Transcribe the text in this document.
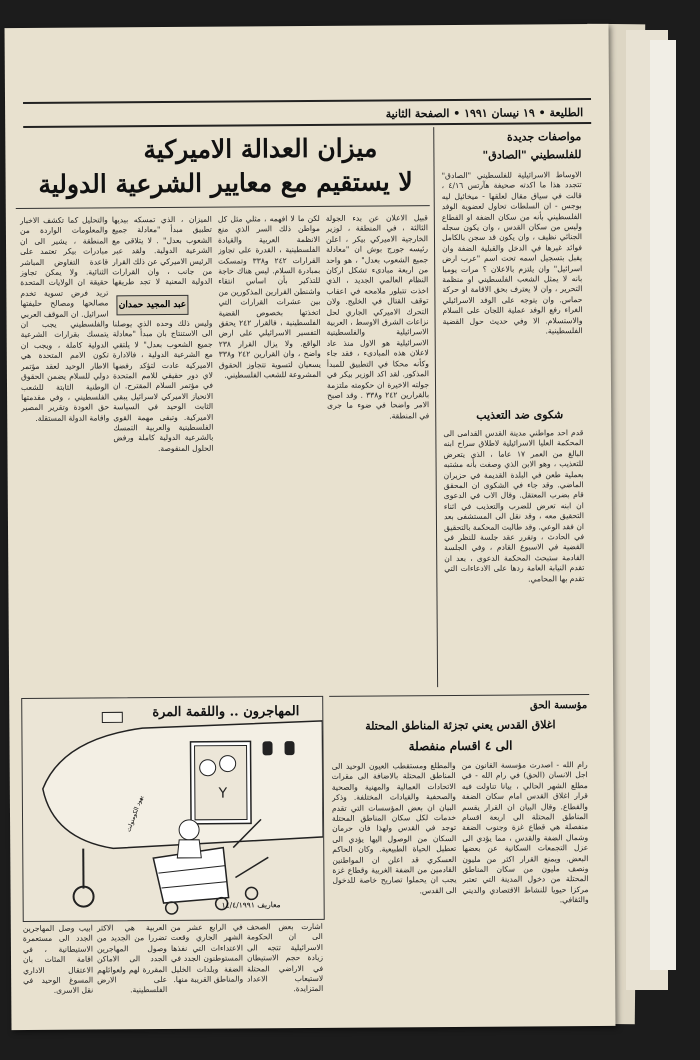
الطليعة • ١٩ نيسان ١٩٩١ • الصفحة الثانية
مواصفات جديدة
للفلسطيني "الصادق"

الاوساط الاسرائيلية للفلسطيني "الصادق" تتجدد هذا ما اكدته صحيفة هآرتس ٤/١٦ ، قالت في سياق مقال لعلقها - ميخائيل ليه بوجس - ان السلطات تحاول لعضوية الوفد الفلسطيني بأنه من سكان الضفة او القطاع وليس من سكان القدس ، وان يكون سجله الجنائي نظيف ، وان يكون قد سجن بالكامل فوائد غيرها في الدخل والقبلية الضفة وان يقبل بتسجيل اسمه تحت اسم "عرب ارض اسرائيل" وان يلتزم بالاعلان ؟ مرات يوميا بانه لا يمثل الشعب الفلسطيني او منظمة التحرير ، وان لا يعترف بحق الاقامة او حركة حماس. وان يتوجه على الوفد الاسرائيلي الغراء رفع الوفد عملية اللجان على السلام والاستسلام. الا وفي حديث حول القضية الفلسطينية.

شكوى ضد التعذيب

قدم احد مواطني مدينة القدس القدامى الى المحكمة العليا الاسرائيلية لاطلاق سراح ابنه البالغ من العمر ١٧ عاما ، الذي يتعرض للتعذيب ، وهو الابن الذي وصفت بأنه مشتبه بعملية طعن في البلدة القديمة في حزيران الماضي. وقد جاء في الشكوى ان المحقق قام بضرب المعتقل. وقال الاب في الدعوى ان ابنه تعرض للضرب والتعذيب في اثناء التحقيق معه ، وقد نقل الى المستشفى بعد ان فقد الوعي. وقد طالبت المحكمة بالتحقيق في الحادث ، وتقرر عقد جلسة للنظر في القضية في الاسبوع القادم ، وفي الجلسة القادمة ستبحث المحكمة الدعوى ، بعد ان تقدم النيابة العامة ردها على الادعاءات التي تقدم بها المحامي.

ميزان العدالة الاميركية
لا يستقيم مع معايير الشرعية الدولية

قبيل الاعلان عن بدء الجولة الثالثة ، في المنطقة ، لوزير الخارجية الاميركي بيكر ، اعلن رئيسه جورج بوش ان "معادلة جميع الشعوب بعدل" ، هو واحد من اربعة مبادىء تشكل اركان النظام العالمي الجديد ، الذي اخذت تتبلور ملامحه في اعقاب توقف القتال في الخليج. ولان التحرك الاميركي الجاري لحل نزاعات الشرق الاوسط ، العربية الاسرائيلية والفلسطينية الاسرائيلية هو الاول منذ عاد لاعلان هذه المبادىء ، فقد جاء وكأنه محكا في التطبيق للمبدأ المذكور. لقد اكد الوزير بيكر في جولته الاخيرة ان حكومته ملتزمة بالقرارين ٢٤٢ و٣٣٨ . وقد اصبح الامر واضحا في ضوء ما جرى في المنطقة.

لكن ما لا افهمه ، مثلي مثل كل مواطن ذلك السر الذي منع الانظمة العربية والقيادة الفلسطينية ، القدرة على تجاوز القرارات ٢٤٢ و٣٣٨ وتمسكت بمبادرة السلام. ليس هناك حاجة للتذكير بأن اساس انتقاء واشنطن القرارين المذكورين من بين عشرات القرارات التي اتخذتها بخصوص القضية الفلسطينية ، فالقرار ٢٤٢ يحقق التفسير الاسرائيلي على ارض الواقع. ولا يزال القرار ٢٣٨ واضح ، وان القرارين ٢٤٢ و٣٣٨ يسعيان لتسوية تتجاوز الحقوق المشروعة للشعب الفلسطيني.

الميزان ، الذي تمسكه بيديها تطبيق مبدأ "معادلة جميع الشعوب بعدل" . لا يتلاقى مع الشرعية الدولية. ولقد عبر الرئيس الاميركي عن ذلك القرار من جانب ، وان القرارات الدولية المعنية لا تجد طريقها

عبد المجيد حمدان

وليس ذلك وحده الذي يوصلنا الى الاستنتاج بان مبدأ "معادلة جميع الشعوب بعدل" لا يلتقي مع الشرعية الدولية ، فالادارة الاميركية عادت لتؤكد رفضها لاي دور حقيقي للامم المتحدة في مؤتمر السلام المقترح. ان الانحياز الاميركي لاسرائيل يبقى الثابت الوحيد في السياسة الاميركية. وتبقى مهمة القوى الفلسطينية والعربية التمسك بالشرعية الدولية كاملة ورفض الحلول المنقوصة.

والتحليل كما تكشف الاخبار والمعلومات الواردة من المنطقة ، يشير الى ان مبادرات بيكر تعتمد على قاعدة التفاوض المباشر الثنائية. ولا يمكن تجاوز حقيقة ان الولايات المتحدة تريد فرض تسوية تخدم مصالحها ومصالح حليفتها اسرائيل. ان الموقف العربي والفلسطيني يجب ان يتمسك بقرارات الشرعية الدولية كاملة ، ويجب ان تكون الامم المتحدة هي الاطار الوحيد لعقد مؤتمر دولي للسلام يضمن الحقوق الوطنية الثابتة للشعب الفلسطيني ، وفي مقدمتها حق العودة وتقرير المصير واقامة الدولة المستقلة.

Y
يهود الكومنولث
المهاجرون .. واللقمة المرة
معاريف ١٤/٤/١٩٩١

اشارت بعض الصحف الى ان الحكومة الاسرائيلية تتجه الى زيادة حجم الاستيطان في الاراضي المحتلة لاستيعاب الاعداد المتزايدة.

في الرابع عشر من الشهر الجاري وقعت الاعتداءات التي نفذها المستوطنون الجدد في الضفة وبلدات الخليل والمناطق القريبة منها.

العربية هي الاكثر تضررا من الجديد من وصول المهاجرين الجدد الى الاماكن المقررة لهم ولعوائلهم على الارض الفلسطينية.

ابيب وصل المهاجرين الجدد الى مستعمرة الاستيطانية ، في اقامة المئات بان الاعتقال الاداري المسوغ الوحيد في نقل الاسرى.

مؤسسة الحق
اغلاق القدس يعني تجزئة المناطق المحتلة
الى ٤ اقسام منفصلة

رام الله - اصدرت مؤسسة القانون من اجل الانسان (الحق) في رام الله - في مطلع الشهر الحالي ، بيانا تناولت فيه قرار اغلاق القدس امام سكان الضفة والقطاع. وقال البيان ان القرار يقسم المناطق المحتلة الى اربعة اقسام منفصلة هي قطاع غزة وجنوب الضفة وشمال الضفة والقدس ، مما يؤدي الى عزل التجمعات السكانية عن بعضها البعض. ويمنع القرار اكثر من مليون ونصف مليون من سكان المناطق المحتلة من دخول المدينة التي تعتبر مركزا حيويا للنشاط الاقتصادي والديني والثقافي.

والمطلع ومستقطب العيون الوحيد الى المناطق المحتلة بالاضافة الى مقرات الاتحادات العمالية والمهنية والصحية والصحفية والقيادات المختلفة. وذكر البيان ان بعض المؤسسات التي تقدم خدمات لكل سكان المناطق المحتلة توجد في القدس ولهذا فان حرمان السكان من الوصول اليها يؤدي الى تعطيل الحياة الطبيعية. وكان الحاكم العسكري قد اعلن ان المواطنين القادمين من الضفة الغربية وقطاع غزة يجب ان يحملوا تصاريح خاصة للدخول الى القدس.
